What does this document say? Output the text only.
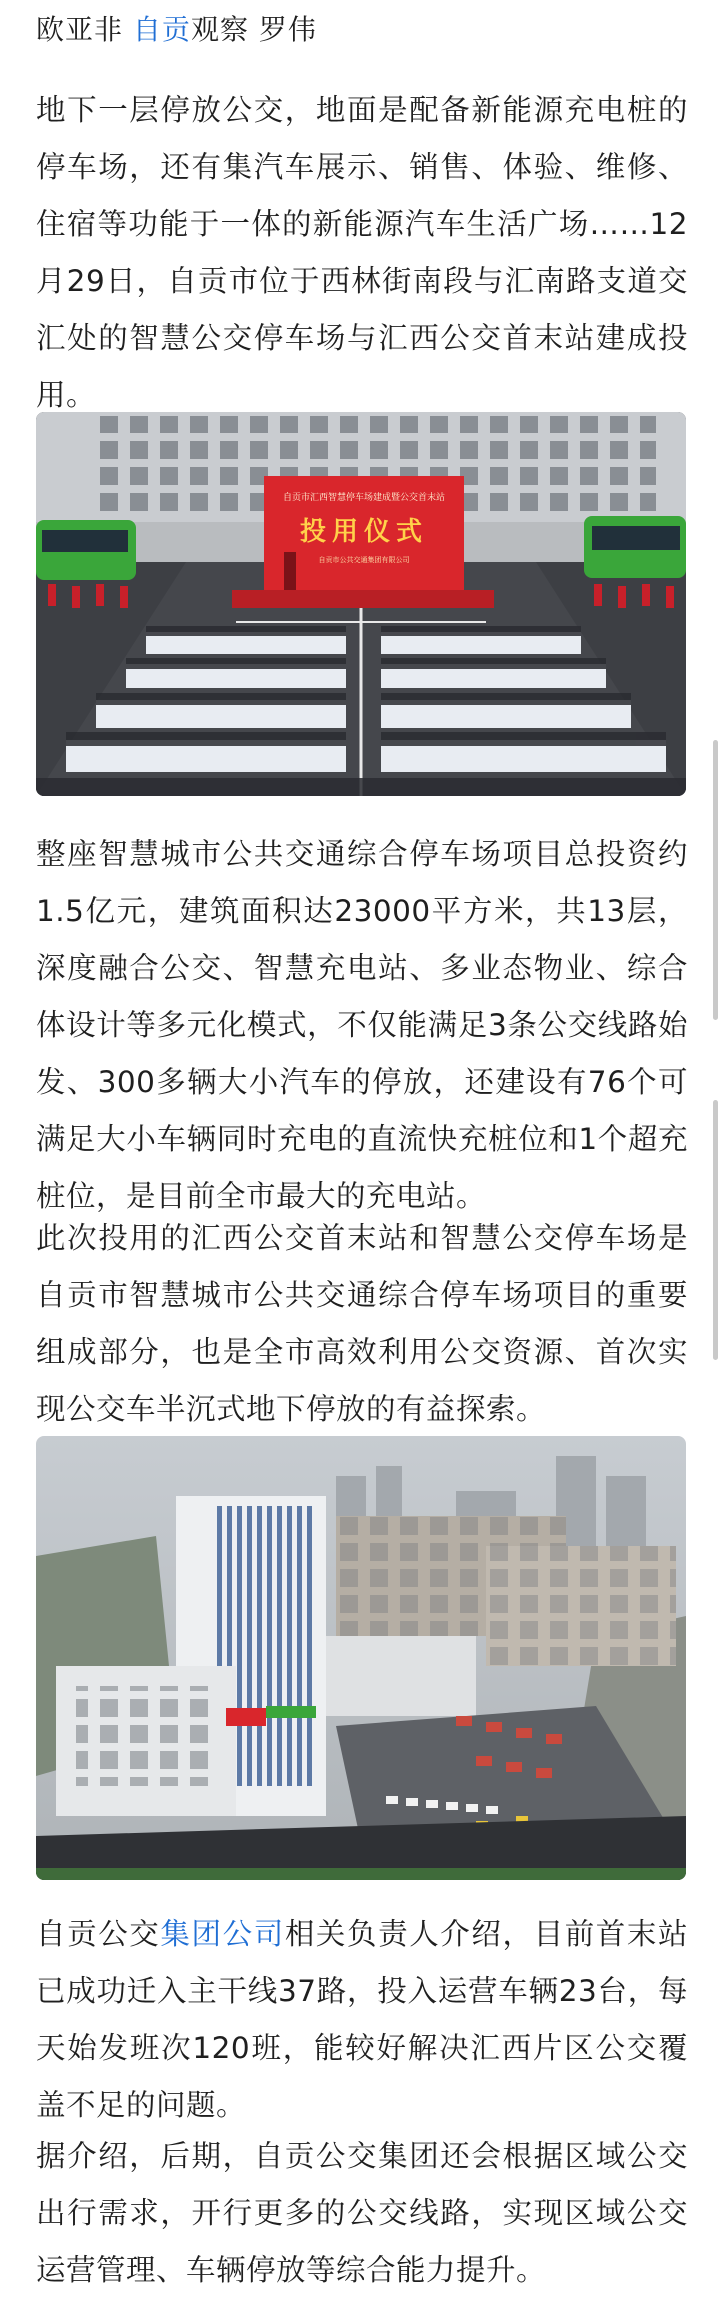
欧亚非 自贡观察 罗伟

地下一层停放公交，地面是配备新能源充电桩的停车场，还有集汽车展示、销售、体验、维修、住宿等功能于一体的新能源汽车生活广场……12月29日，自贡市位于西林街南段与汇南路支道交汇处的智慧公交停车场与汇西公交首末站建成投用。

自贡市汇西智慧停车场建成暨公交首末站
投用仪式
自贡市公共交通集团有限公司

整座智慧城市公共交通综合停车场项目总投资约1.5亿元，建筑面积达23000平方米，共13层，深度融合公交、智慧充电站、多业态物业、综合体设计等多元化模式，不仅能满足3条公交线路始发、300多辆大小汽车的停放，还建设有76个可满足大小车辆同时充电的直流快充桩位和1个超充桩位，是目前全市最大的充电站。

此次投用的汇西公交首末站和智慧公交停车场是自贡市智慧城市公共交通综合停车场项目的重要组成部分，也是全市高效利用公交资源、首次实现公交车半沉式地下停放的有益探索。

自贡公交集团公司相关负责人介绍，目前首末站已成功迁入主干线37路，投入运营车辆23台，每天始发班次120班，能较好解决汇西片区公交覆盖不足的问题。

据介绍，后期，自贡公交集团还会根据区域公交出行需求，开行更多的公交线路，实现区域公交运营管理、车辆停放等综合能力提升。
